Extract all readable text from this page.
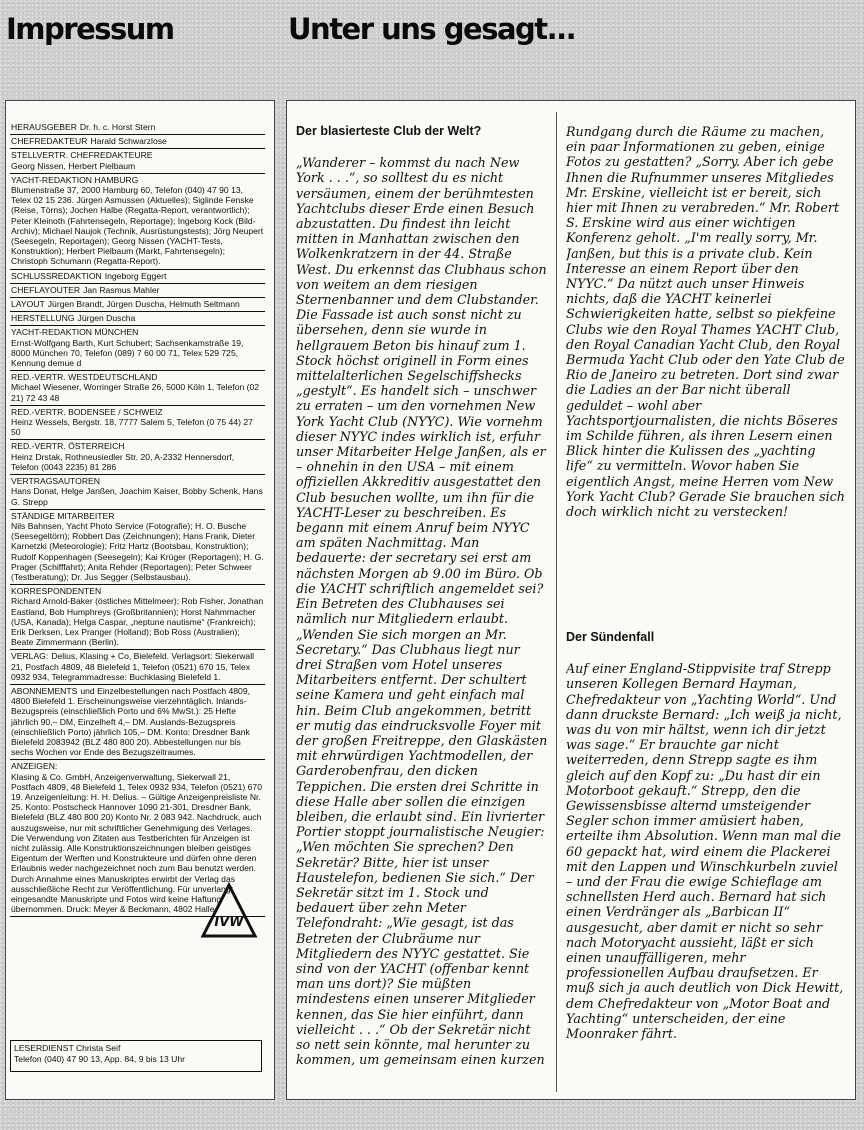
Impressum	Unter uns gesagt...
HERAUSGEBER Dr. h. c. Horst Stern
CHEFREDAKTEUR Harald Schwarzlose
STELLVERTR. CHEFREDAKTEURE
Georg Nissen, Herbert Pielbaum
YACHT-REDAKTION HAMBURG
Blumenstraße 37, 2000 Hamburg 60, Telefon (040) 47 90 13, Telex 02 15 236. Jürgen Asmussen (Aktuelles); Siglinde Fenske (Reise, Törns); Jochen Halbe (Regatta-Report, verantwortlich); Peter Kleinoth (Fahrtensegeln, Reportage); Ingeborg Kock (Bild-Archiv); Michael Naujok (Technik, Ausrüstungstests); Jörg Neupert (Seesegeln, Reportagen); Georg Nissen (YACHT-Tests, Konstruktion); Herbert Pielbaum (Markt, Fahrtensegeln); Christoph Schumann (Regatta-Report).
SCHLUSSREDAKTION Ingeborg Eggert
CHEFLAYOUTER Jan Rasmus Mahler
LAYOUT Jürgen Brandt, Jürgen Duscha, Helmuth Seltmann
HERSTELLUNG Jürgen Duscha
YACHT-REDAKTION MÜNCHEN
Ernst-Wolfgang Barth, Kurt Schubert; Sachsenkamstraße 19, 8000 München 70, Telefon (089) 7 60 00 71, Telex 529 725, Kennung demue d
RED.-VERTR. WESTDEUTSCHLAND
Michael Wiesener, Worringer Straße 26, 5000 Köln 1, Telefon (02 21) 72 43 48
RED.-VERTR. BODENSEE / SCHWEIZ
Heinz Wessels, Bergstr. 18, 7777 Salem 5, Telefon (0 75 44) 27 50
RED.-VERTR. ÖSTERREICH
Heinz Drstak, Rothneusiedler Str. 20, A-2332 Hennersdorf, Telefon (0043 2235) 81 286
VERTRAGSAUTOREN
Hans Donat, Helge Janßen, Joachim Kaiser, Bobby Schenk, Hans G. Strepp
STÄNDIGE MITARBEITER
Nils Bahnsen, Yacht Photo Service (Fotografie); H. O. Busche (Seesegeltörn); Robbert Das (Zeichnungen); Hans Frank, Dieter Karnetzki (Meteorologie); Fritz Hartz (Bootsbau, Konstruktion); Rudolf Koppenhagen (Seesegeln); Kai Krüger (Reportagen); H. G. Prager (Schifffahrt); Anita Rehder (Reportagen); Peter Schweer (Testberatung); Dr. Jus Segger (Selbstausbau).
KORRESPONDENTEN
Richard Arnold-Baker (östliches Mittelmeer); Rob Fisher, Jonathan Eastland, Bob Humphreys (Großbritannien); Horst Nahmmacher (USA, Kanada); Helga Caspar, „neptune nautisme“ (Frankreich); Erik Derksen, Lex Pranger (Holland); Bob Ross (Australien); Beate Zimmermann (Berlin).
VERLAG: Delius, Klasing + Co, Bielefeld. Verlagsort: Siekerwall 21, Postfach 4809, 48 Bielefeld 1, Telefon (0521) 670 15, Telex 0932 934, Telegrammadresse: Buchklasing Bielefeld 1.
ABONNEMENTS und Einzelbestellungen nach Postfach 4809, 4800 Bielefeld 1. Erscheinungsweise vierzehntäglich. Inlands-Bezugspreis (einschließlich Porto und 6% MwSt.): 25 Hefte jährlich 90,– DM, Einzelheft 4,– DM. Auslands-Bezugspreis (einschließlich Porto) jährlich 105,– DM. Konto: Dresdner Bank Bielefeld 2083942 (BLZ 480 800 20). Abbestellungen nur bis sechs Wochen vor Ende des Bezugszeitraumes.
ANZEIGEN:
Klasing & Co. GmbH, Anzeigenverwaltung, Siekerwall 21, Postfach 4809, 48 Bielefeld 1, Telex 0932 934, Telefon (0521) 670 19. Anzeigenleitung: H. H. Delius. – Gültige Anzeigenpreisliste Nr. 25. Konto: Postscheck Hannover 1090 21-301, Dresdner Bank, Bielefeld (BLZ 480 800 20) Konto Nr. 2 083 942. Nachdruck, auch auszugsweise, nur mit schriftlicher Genehmigung des Verlages. Die Verwendung von Zitaten aus Testberichten für Anzeigen ist nicht zulässig. Alle Konstruktionszeichnungen bleiben geistiges Eigentum der Werften und Konstrukteure und dürfen ohne deren Erlaubnis weder nachgezeichnet noch zum Bau benutzt werden. Durch Annahme eines Manuskriptes erwirbt der Verlag das ausschließliche Recht zur Veröffentlichung. Für unverlangt eingesandte Manuskripte und Fotos wird keine Haftung übernommen. Druck: Meyer & Beckmann, 4802 Halle.
IVW
LESERDIENST Christa Seif
Telefon (040) 47 90 13, App. 84, 9 bis 13 Uhr
Der blasierteste Club der Welt?

„Wanderer – kommst du nach New York . . .“, so solltest du es nicht versäumen, einem der berühmtesten Yachtclubs dieser Erde einen Besuch abzustatten. Du findest ihn leicht mitten in Manhattan zwischen den Wolkenkratzern in der 44. Straße West. Du erkennst das Clubhaus schon von weitem an dem riesigen Sternenbanner und dem Clubstander. Die Fassade ist auch sonst nicht zu übersehen, denn sie wurde in hellgrauem Beton bis hinauf zum 1. Stock höchst originell in Form eines mittelalterlichen Segelschiffshecks „gestylt“. Es handelt sich – unschwer zu erraten – um den vornehmen New York Yacht Club (NYYC). Wie vornehm dieser NYYC indes wirklich ist, erfuhr unser Mitarbeiter Helge Janßen, als er – ohnehin in den USA – mit einem offiziellen Akkreditiv ausgestattet den Club besuchen wollte, um ihn für die YACHT-Leser zu beschreiben. Es begann mit einem Anruf beim NYYC am späten Nachmittag. Man bedauerte: der secretary sei erst am nächsten Morgen ab 9.00 im Büro. Ob die YACHT schriftlich angemeldet sei? Ein Betreten des Clubhauses sei nämlich nur Mitgliedern erlaubt. „Wenden Sie sich morgen an Mr. Secretary.“ Das Clubhaus liegt nur drei Straßen vom Hotel unseres Mitarbeiters entfernt. Der schultert seine Kamera und geht einfach mal hin. Beim Club angekommen, betritt er mutig das eindrucksvolle Foyer mit der großen Freitreppe, den Glaskästen mit ehrwürdigen Yachtmodellen, der Garderobenfrau, den dicken Teppichen. Die ersten drei Schritte in diese Halle aber sollen die einzigen bleiben, die erlaubt sind. Ein livrierter Portier stoppt journalistische Neugier: „Wen möchten Sie sprechen? Den Sekretär? Bitte, hier ist unser Haustelefon, bedienen Sie sich.“ Der Sekretär sitzt im 1. Stock und bedauert über zehn Meter Telefondraht: „Wie gesagt, ist das Betreten der Clubräume nur Mitgliedern des NYYC gestattet. Sie sind von der YACHT (offenbar kennt man uns dort)? Sie müßten mindestens einen unserer Mitglieder kennen, das Sie hier einführt, dann vielleicht . . .“ Ob der Sekretär nicht so nett sein könnte, mal herunter zu kommen, um gemeinsam einen kurzen

Rundgang durch die Räume zu machen, ein paar Informationen zu geben, einige Fotos zu gestatten? „Sorry. Aber ich gebe Ihnen die Rufnummer unseres Mitgliedes Mr. Erskine, vielleicht ist er bereit, sich hier mit Ihnen zu verabreden.“ Mr. Robert S. Erskine wird aus einer wichtigen Konferenz geholt. „I'm really sorry, Mr. Janßen, but this is a private club. Kein Interesse an einem Report über den NYYC.“ Da nützt auch unser Hinweis nichts, daß die YACHT keinerlei Schwierigkeiten hatte, selbst so piekfeine Clubs wie den Royal Thames YACHT Club, den Royal Canadian Yacht Club, den Royal Bermuda Yacht Club oder den Yate Club de Rio de Janeiro zu betreten. Dort sind zwar die Ladies an der Bar nicht überall geduldet – wohl aber Yachtsportjournalisten, die nichts Böseres im Schilde führen, als ihren Lesern einen Blick hinter die Kulissen des „yachting life“ zu vermitteln. Wovor haben Sie eigentlich Angst, meine Herren vom New York Yacht Club? Gerade Sie brauchen sich doch wirklich nicht zu verstecken!

Der Sündenfall

Auf einer England-Stippvisite traf Strepp unseren Kollegen Bernard Hayman, Chefredakteur von „Yachting World“. Und dann druckste Bernard: „Ich weiß ja nicht, was du von mir hältst, wenn ich dir jetzt was sage.“ Er brauchte gar nicht weiterreden, denn Strepp sagte es ihm gleich auf den Kopf zu: „Du hast dir ein Motorboot gekauft.“ Strepp, den die Gewissensbisse alternd umsteigender Segler schon immer amüsiert haben, erteilte ihm Absolution. Wenn man mal die 60 gepackt hat, wird einem die Plackerei mit den Lappen und Winschkurbeln zuviel – und der Frau die ewige Schieflage am schnellsten Herd auch. Bernard hat sich einen Verdränger als „Barbican II“ ausgesucht, aber damit er nicht so sehr nach Motoryacht aussieht, läßt er sich einen unauffälligeren, mehr professionellen Aufbau draufsetzen. Er muß sich ja auch deutlich von Dick Hewitt, dem Chefredakteur von „Motor Boat and Yachting“ unterscheiden, der eine Moonraker fährt.
